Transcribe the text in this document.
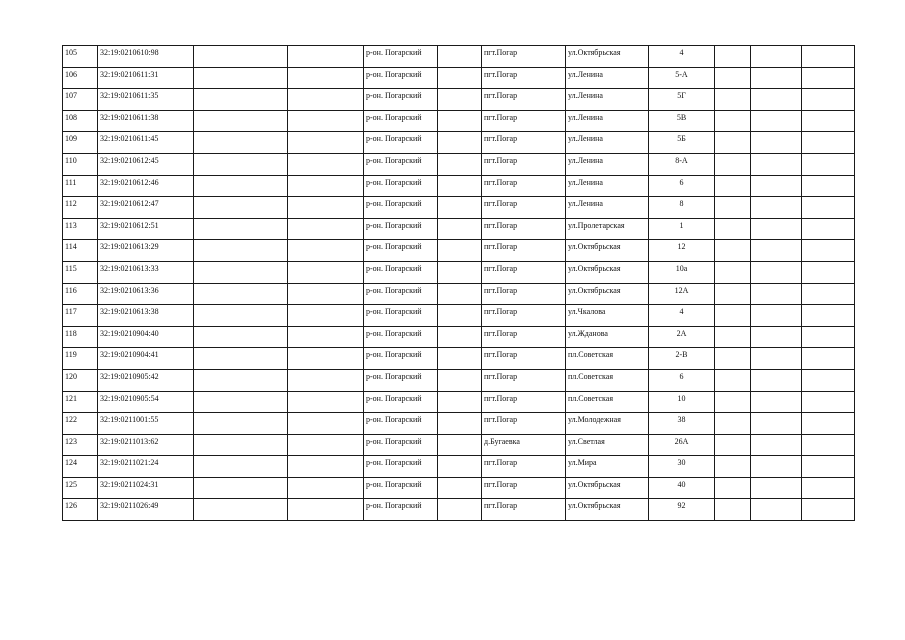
105	32:19:0210610:98			р-он. Погарский		пгт.Погар	ул.Октябрьская	4			
106	32:19:0210611:31			р-он. Погарский		пгт.Погар	ул.Ленина	5-А			
107	32:19:0210611:35			р-он. Погарский		пгт.Погар	ул.Ленина	5Г			
108	32:19:0210611:38			р-он. Погарский		пгт.Погар	ул.Ленина	5В			
109	32:19:0210611:45			р-он. Погарский		пгт.Погар	ул.Ленина	5Б			
110	32:19:0210612:45			р-он. Погарский		пгт.Погар	ул.Ленина	8-А			
111	32:19:0210612:46			р-он. Погарский		пгт.Погар	ул.Ленина	6			
112	32:19:0210612:47			р-он. Погарский		пгт.Погар	ул.Ленина	8			
113	32:19:0210612:51			р-он. Погарский		пгт.Погар	ул.Пролетарская	1			
114	32:19:0210613:29			р-он. Погарский		пгт.Погар	ул.Октябрьская	12			
115	32:19:0210613:33			р-он. Погарский		пгт.Погар	ул.Октябрьская	10а			
116	32:19:0210613:36			р-он. Погарский		пгт.Погар	ул.Октябрьская	12А			
117	32:19:0210613:38			р-он. Погарский		пгт.Погар	ул.Чкалова	4			
118	32:19:0210904:40			р-он. Погарский		пгт.Погар	ул.Жданова	2А			
119	32:19:0210904:41			р-он. Погарский		пгт.Погар	пл.Советская	2-В			
120	32:19:0210905:42			р-он. Погарский		пгт.Погар	пл.Советская	6			
121	32:19:0210905:54			р-он. Погарский		пгт.Погар	пл.Советская	10			
122	32:19:0211001:55			р-он. Погарский		пгт.Погар	ул.Молодежная	38			
123	32:19:0211013:62			р-он. Погарский		д.Бугаевка	ул.Светлая	26А			
124	32:19:0211021:24			р-он. Погарский		пгт.Погар	ул.Мира	30			
125	32:19:0211024:31			р-он. Погарский		пгт.Погар	ул.Октябрьская	40			
126	32:19:0211026:49			р-он. Погарский		пгт.Погар	ул.Октябрьская	92			
